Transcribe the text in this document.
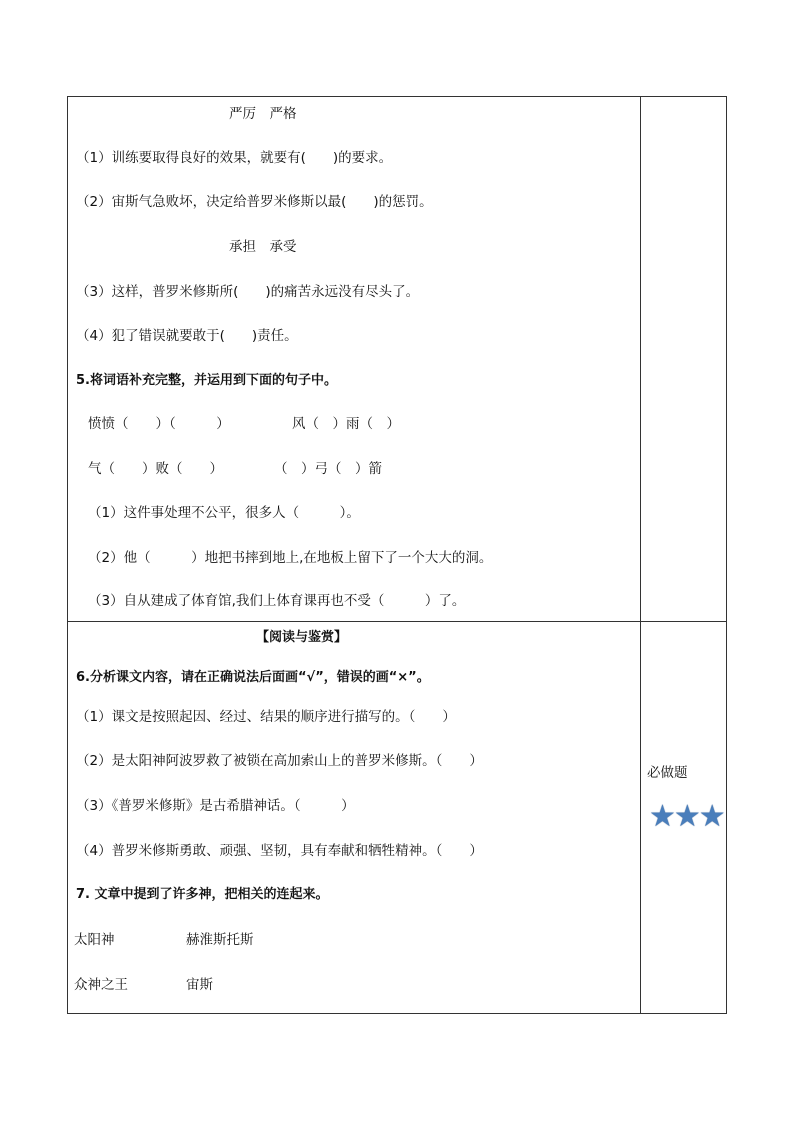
严厉　严格
（1）训练要取得良好的效果，就要有(　　)的要求。
（2）宙斯气急败坏，决定给普罗米修斯以最(　　)的惩罚。
承担　承受
（3）这样，普罗米修斯所(　　)的痛苦永远没有尽头了。
（4）犯了错误就要敢于(　　)责任。
5.将词语补充完整，并运用到下面的句子中。
愤愤（　　）（　　　）	风（　）雨（　）
气（　　）败（　　）	（　）弓（　）箭
（1）这件事处理不公平，很多人（　　　）。
（2）他（　　　）地把书摔到地上,在地板上留下了一个大大的洞。
（3）自从建成了体育馆,我们上体育课再也不受（　　　）了。
【阅读与鉴赏】
6.分析课文内容，请在正确说法后面画“√”，错误的画“×”。
（1）课文是按照起因、经过、结果的顺序进行描写的。（　　）
（2）是太阳神阿波罗救了被锁在高加索山上的普罗米修斯。（　　）
（3）《普罗米修斯》是古希腊神话。（　　　）
（4）普罗米修斯勇敢、顽强、坚韧，具有奉献和牺牲精神。（　　）
7. 文章中提到了许多神，把相关的连起来。
太阳神	赫淮斯托斯
众神之王	宙斯
必做题
★★★
